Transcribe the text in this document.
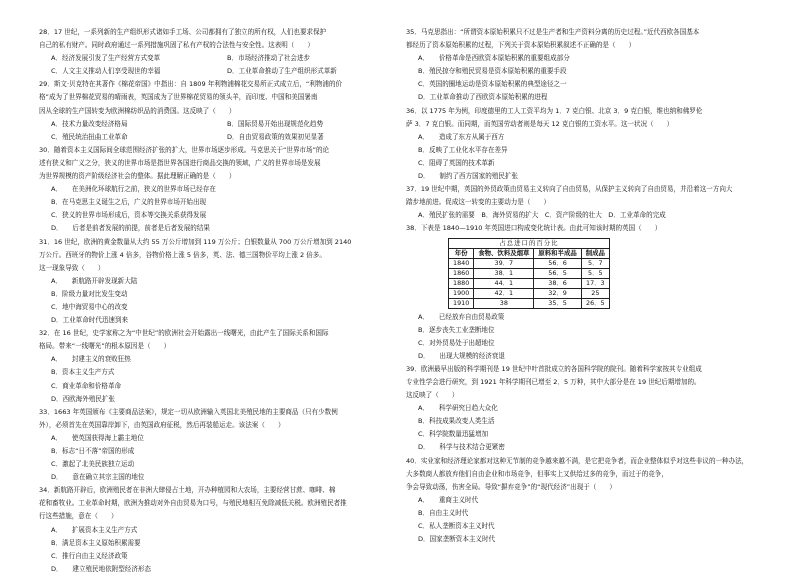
28．17 世纪，一系列新的生产组织形式诸如手工场、公司都拥有了独立的所有权，人们也要求保护
自己的私有财产。同时政府通过一系列措施巩固了私有产权的合法性与安全性。这表明（　　）
A．经济发展引发了生产经营方式变革	B．市场经济推动了社会进步
C．人文主义推动人们享受现世的幸福	D．工业革命推动了生产组织形式革新
29．斯文·贝克特在其著作《棉花帝国》中指出：自 1809 年利物浦棉花交易所正式成立后，“利物浦的价
格”成为了世界棉花贸易的晴雨表，英国成为了世界棉花贸易的领头羊，而印度、中国和美国暑南
因从全球的生产国转变为欧洲棉纺织品的消费国。这反映了（　　）
A．技术力量改变经济格局	B．国际贸易开始出现规范化趋势
C．殖民统治扭曲工业革命	D．自由贸易政策的效果初见显著
30．随着资本主义国际间全球范围经济扩张的扩大，世界市场逐步形成。马克思关于“世界市场”的论
述有狭义和广义之分，狭义的世界市场是指世界各国进行商品交换的领域，广义的世界市场是发展
为世界规模的资产阶级经济社会的整体。据此理解正确的是（　　）
A．　　在美洲化环球航行之前，狭义的世界市场已经存在
B．在马克思主义诞生之后，广义的世界市场开始出现
C．狭义的世界市场形成后，资本等交换关系获得发展
D．　　后者是前者发展的前提，前者是后者发展的结果
31．16 世纪，欧洲的黄金数量从大约 55 万公斤增加到 119 万公斤；白银数量从 700 万公斤增加到 2140
万公斤。西班牙的物价上涨 4 倍多，谷物价格上涨 5 倍多，英、法、德三国物价平均上涨 2 倍多。
这一现象导致（　　）
A．　　新航路开辟发现新大陆
B．阶级力量对比发生变动
C．地中海贸易中心的改变
D．工业革命时代迅速到来
32．在 16 世纪，史学家称之为“中世纪”的欧洲社会开始露出一线曙光，由此产生了国际关系和国际
格局。带来“一线曙光”的根本原因是（　　）
A．　　封建主义的衰败狂热
B．资本主义生产方式
C．商业革命和价格革命
D．西欧海外殖民扩张
33．1663 年英国颁布《主要商品法案》，规定一切从欧洲输入英国北美殖民地的主要商品（只有少数例
外），必须首先在英国靠岸卸下，由英国政府征税，然后再装船运走。该法案（　　）
A．　　使英国获得海上霸主地位
B．标志“日不落”帝国的形成
C．激起了北美民族独立运动
D．　　意在确立其宗主国的地位
34．新航路开辟后，欧洲殖民者在非洲大肆侵占土地，开办种植园和大农场，主要经营甘蔗、咖啡、棉
花和畜牧业。工业革命时期，欧洲为推动对外自由贸易为口号，与殖民地相互免除减低关税。欧洲殖民者推
行这些措施，意在（　　）
A．　　扩展资本主义生产方式
B．满足资本主义原始积累需要
C．推行自由主义经济政策
D．　　建立殖民地依附型经济形态
35．马克思指出：“所谓资本原始积累只不过是生产者和生产资料分离的历史过程。”近代西欧各国基本
都经历了资本原始积累的过程，下列关于资本原始积累叙述不正确的是（　　）
A．　　价格革命是西欧资本原始积累的重要组成部分
B．殖民掠夺和殖民贸易是资本原始积累的重要手段
C．英国的圈地运动是资本原始积累的典型途径之一
D．工业革命推动了西欧资本原始积累的进程
36．以 1775 年为例，印度德里的工人工资平均为 1．7 克白银、北京 3．9 克白银，维也纳和佛罗伦
萨 3．7 克白银。而同期，而英国劳动者则是每天 12 克白银的工资水平。这一状况（　　）
A．　　造成了东方从属于西方
B．反映了工业化水平存在差异
C．阻碍了英国的技术革新
D．　　制约了西方国家的殖民扩张
37．19 世纪中期，英国的外贸政策由贸易主义转向了自由贸易，从保护主义转向了自由贸易，并沿着这一方向大
踏步地前进。促成这一转变的主要动力是（　　）
A．殖民扩张的需要　B．海外贸易的扩大　C．资产阶级的壮大　D．工业革命的完成
38．下表是 1840—1910 年英国进口构成变化统计表。由此可知该时期的英国（　　）
占总进口的百分比			
年份	食物、饮料及烟草	原料和半成品	制成品
1840	39．7	56．6	5．7
1860	38．1	56．5	5．5
1880	44．1	38．6	17．3
1900	42．1	32．9	25
1910	38	35．5	26．5
A．　　已经放弃自由贸易政策
B．逐步丧失工业垄断地位
C．对外贸易处于出超地位
D．　　出现大规模的经济衰退
39．欧洲最早出版的科学期刊是 19 世纪中叶首批成立的各国科学院的院刊。随着科学家按其专业组成
专业性学会进行研究，到 1921 年科学期刊已增至 2．5 万种，其中大部分是在 19 世纪后期增加的。
这反映了（　　）
A．　　科学研究日趋大众化
B．科技成果改变人类生活
C．科学院数量迅猛增加
D．　　科学与技术结合更紧密
40．实业家和经济理论家都对这种无节制的竞争越来越不满，是它把竞争者，而企业整体似乎对这些非议的一种办法，
大多数商人都放弃他们自由企业和市场竞争，但事实上又供给过多的竞争，而过于的竞争，
争会导致动荡，伤害全局。导致“摒弃竞争”的“现代经济”出现于（　　）
A．　　重商主义时代
B．自由主义时代
C．私人垄断资本主义时代
D．国家垄断资本主义时代
